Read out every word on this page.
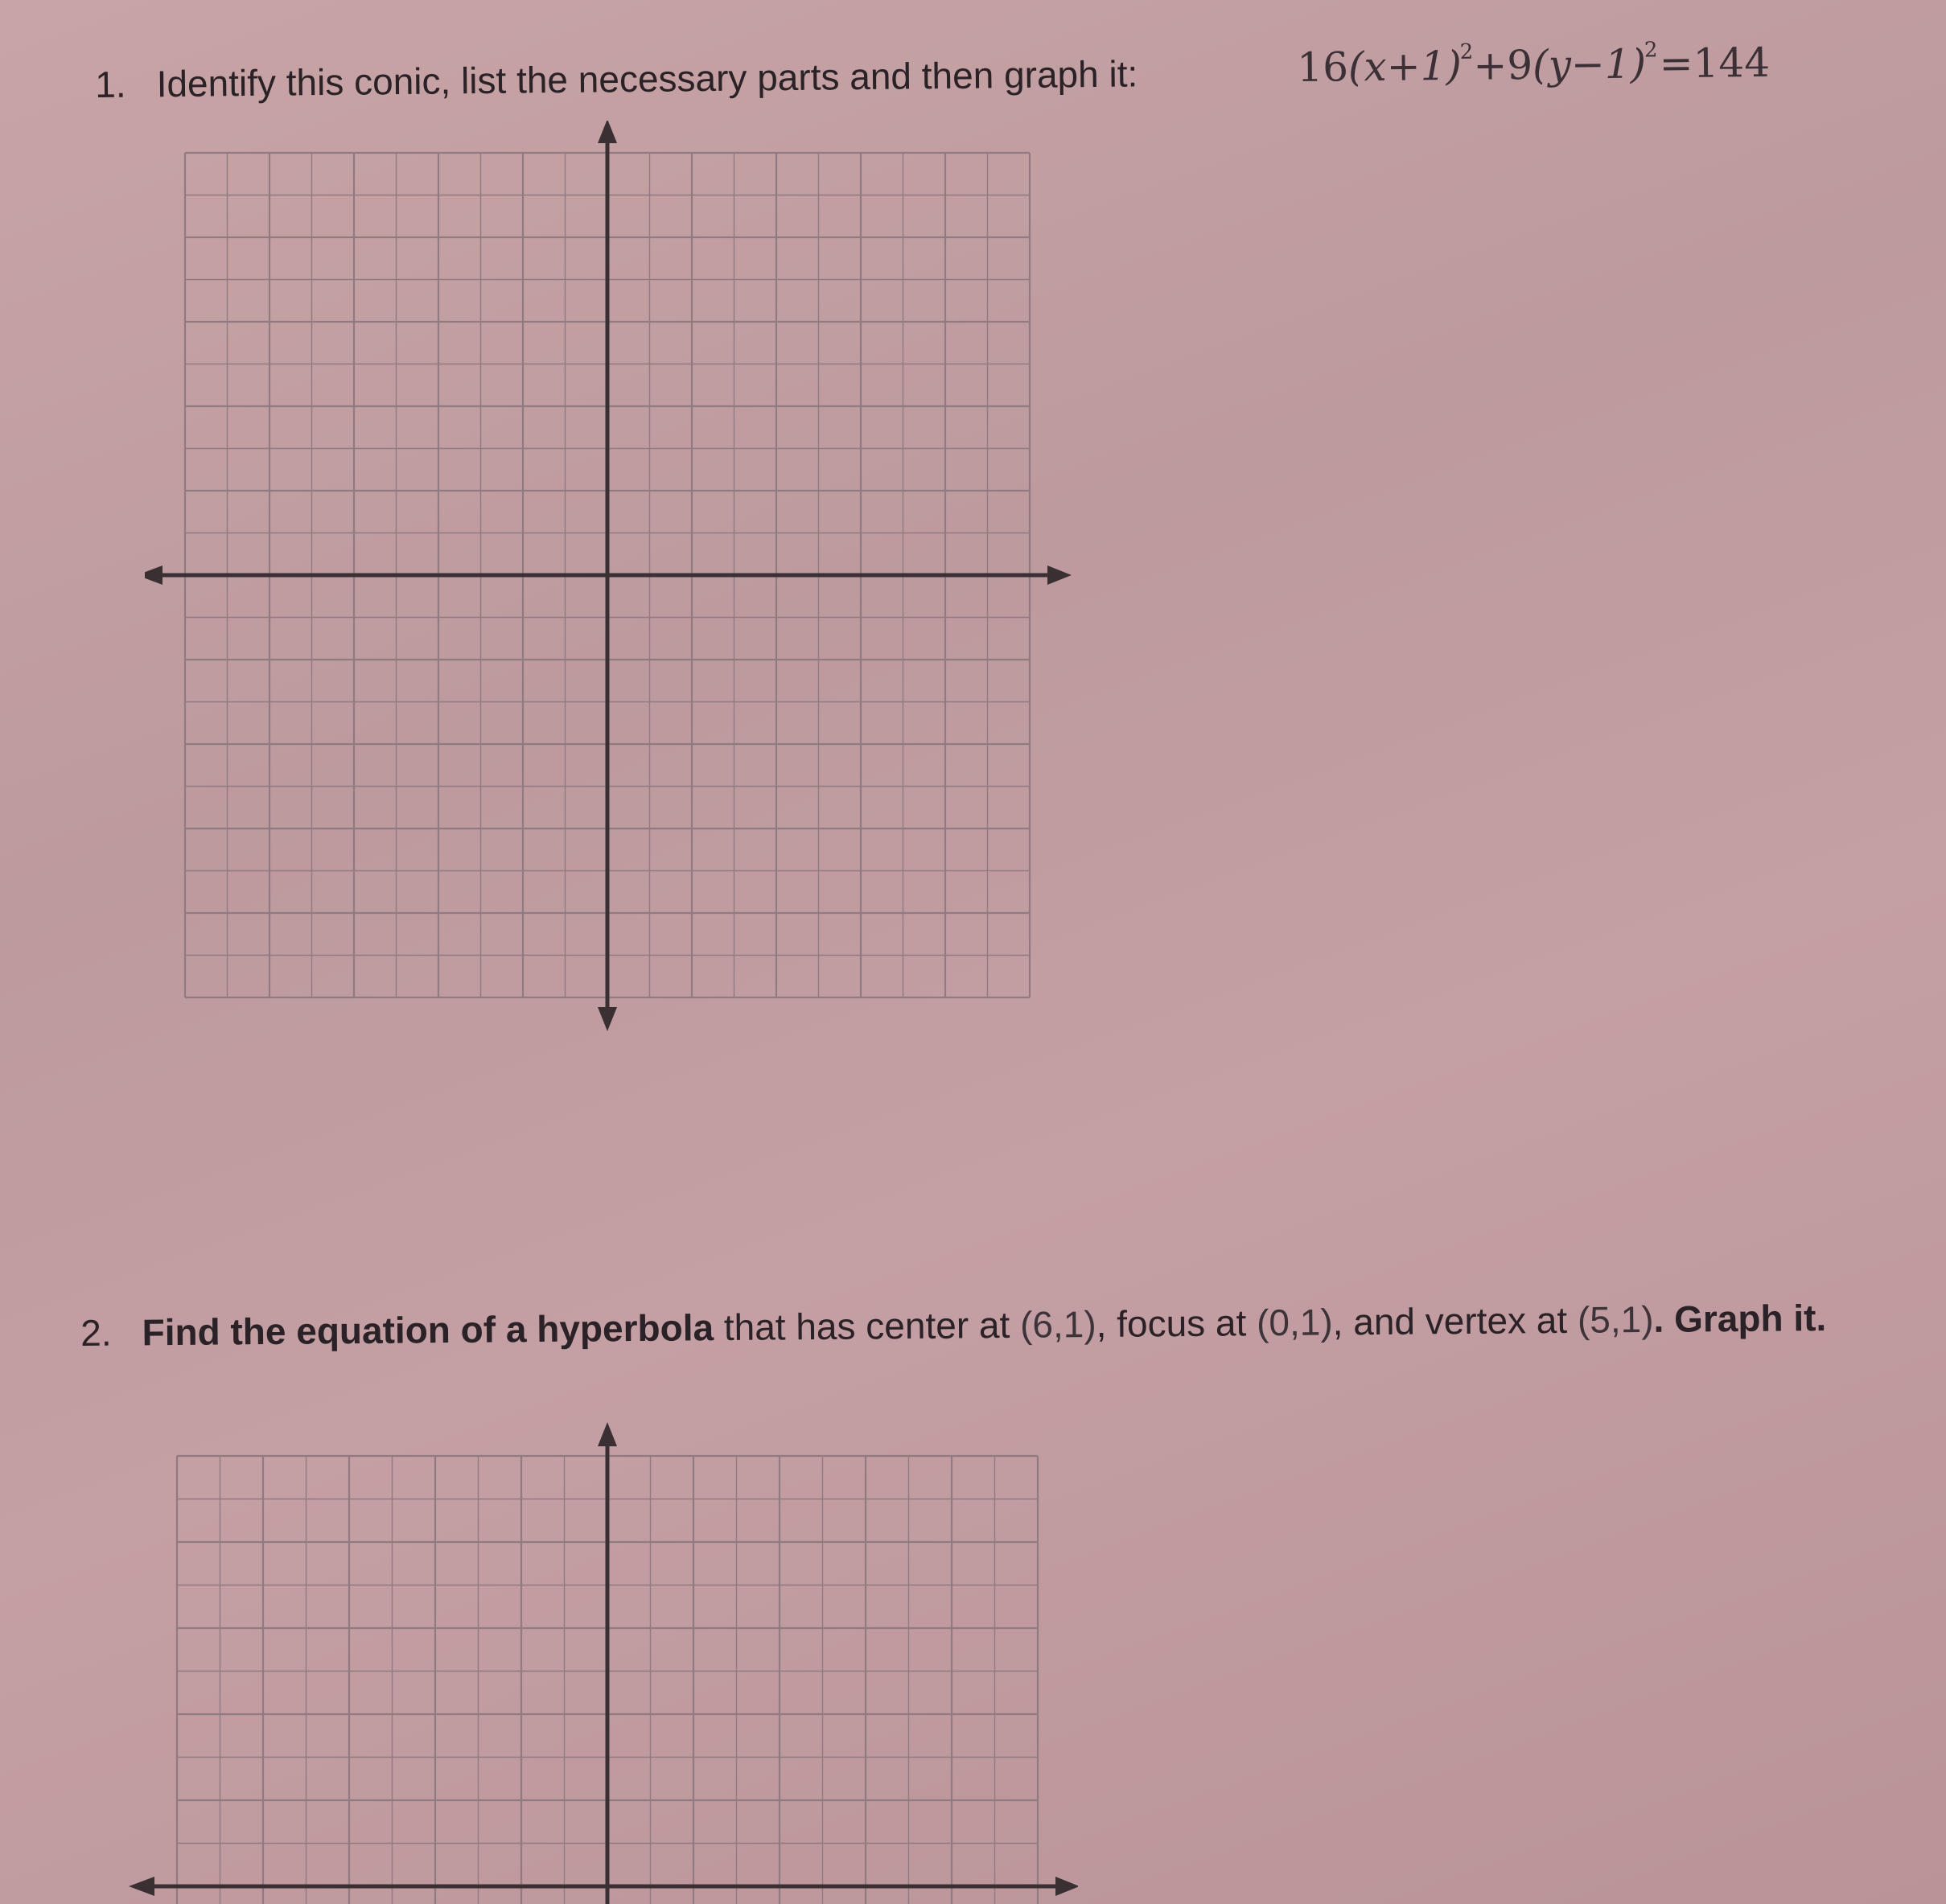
1. Identify this conic, list the necessary parts and then graph it:	$16(x+1)^2+9(y-1)^2=144$
2. Find the equation of a hyperbola that has center at (6,1), focus at (0,1), and vertex at (5,1). Graph it.
